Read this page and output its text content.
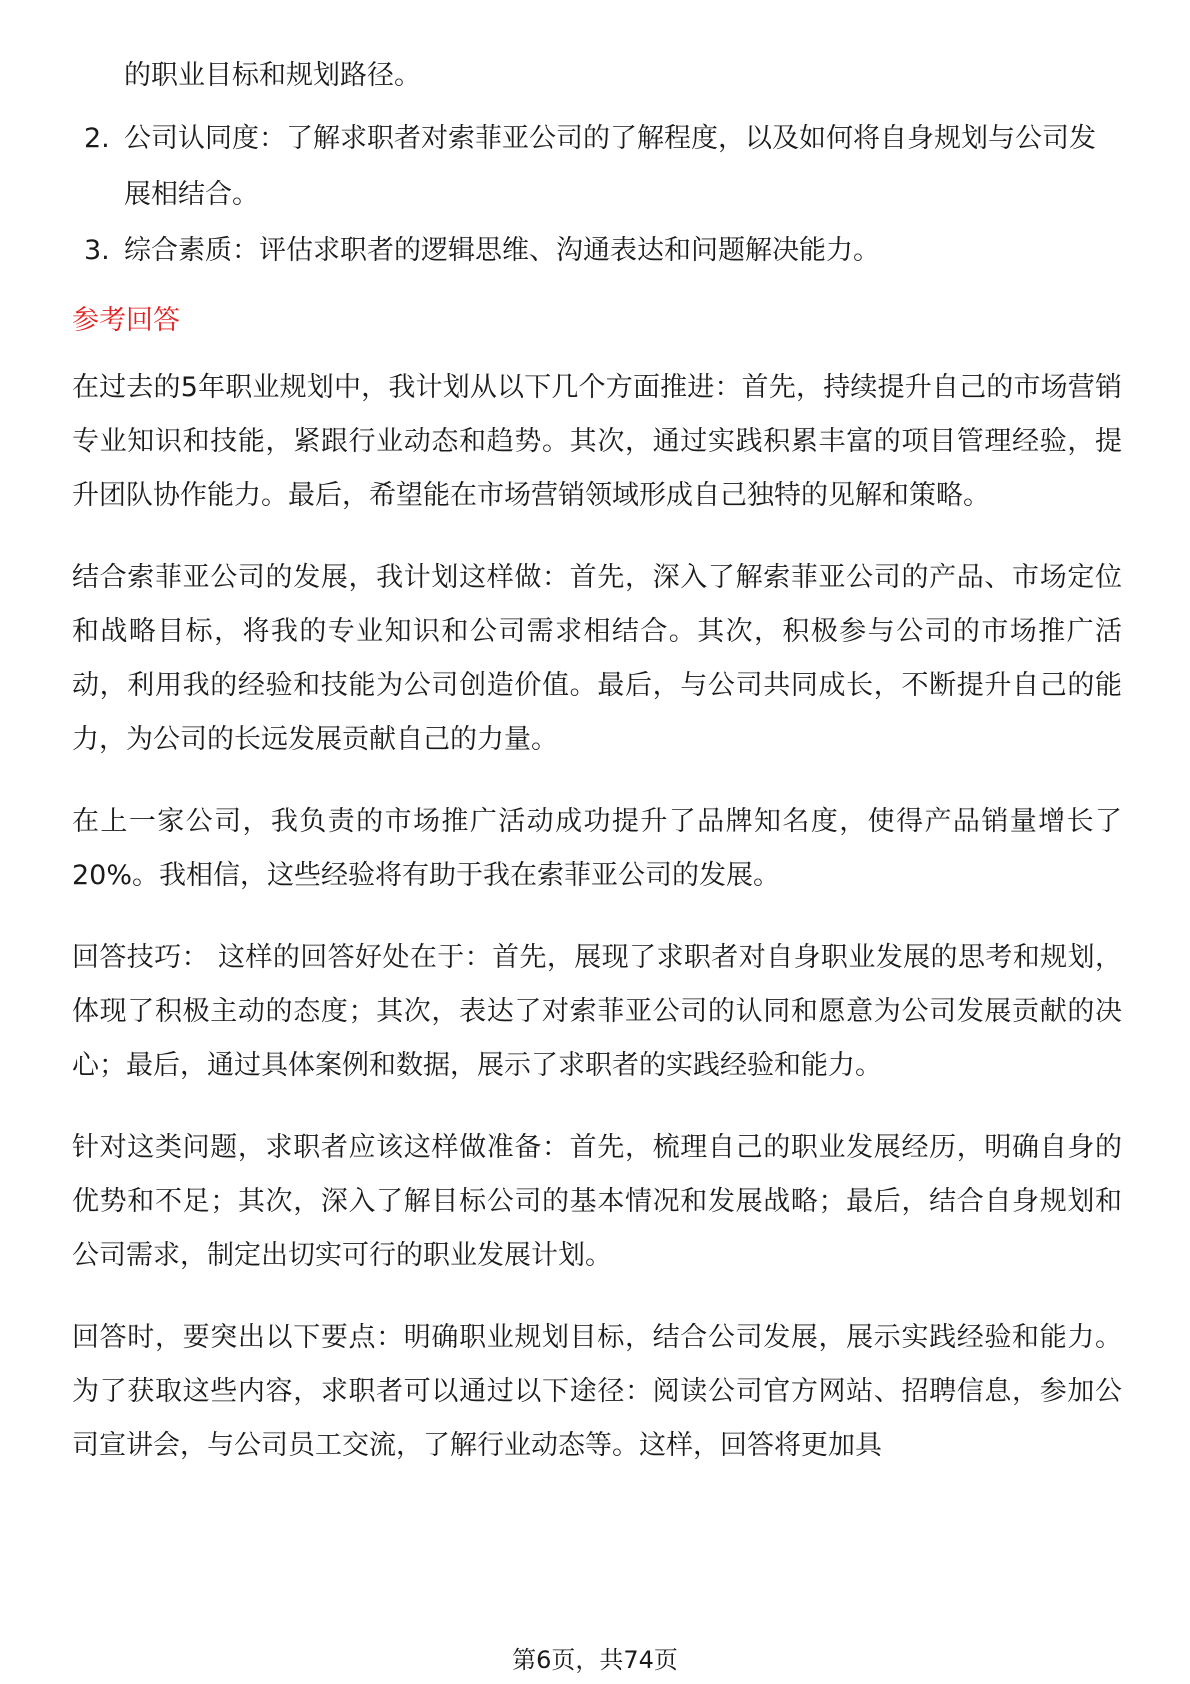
的职业目标和规划路径。
2. 公司认同度：了解求职者对索菲亚公司的了解程度，以及如何将自身规划与公司发展相结合。
3. 综合素质：评估求职者的逻辑思维、沟通表达和问题解决能力。
参考回答

在过去的5年职业规划中，我计划从以下几个方面推进：首先，持续提升自己的市场营销专业知识和技能，紧跟行业动态和趋势。其次，通过实践积累丰富的项目管理经验，提升团队协作能力。最后，希望能在市场营销领域形成自己独特的见解和策略。

结合索菲亚公司的发展，我计划这样做：首先，深入了解索菲亚公司的产品、市场定位和战略目标，将我的专业知识和公司需求相结合。其次，积极参与公司的市场推广活动，利用我的经验和技能为公司创造价值。最后，与公司共同成长，不断提升自己的能力，为公司的长远发展贡献自己的力量。

在上一家公司，我负责的市场推广活动成功提升了品牌知名度，使得产品销量增长了20%。我相信，这些经验将有助于我在索菲亚公司的发展。

回答技巧： 这样的回答好处在于：首先，展现了求职者对自身职业发展的思考和规划，体现了积极主动的态度；其次，表达了对索菲亚公司的认同和愿意为公司发展贡献的决心；最后，通过具体案例和数据，展示了求职者的实践经验和能力。

针对这类问题，求职者应该这样做准备：首先，梳理自己的职业发展经历，明确自身的优势和不足；其次，深入了解目标公司的基本情况和发展战略；最后，结合自身规划和公司需求，制定出切实可行的职业发展计划。

回答时，要突出以下要点：明确职业规划目标，结合公司发展，展示实践经验和能力。为了获取这些内容，求职者可以通过以下途径：阅读公司官方网站、招聘信息，参加公司宣讲会，与公司员工交流，了解行业动态等。这样，回答将更加具

第6页，共74页
